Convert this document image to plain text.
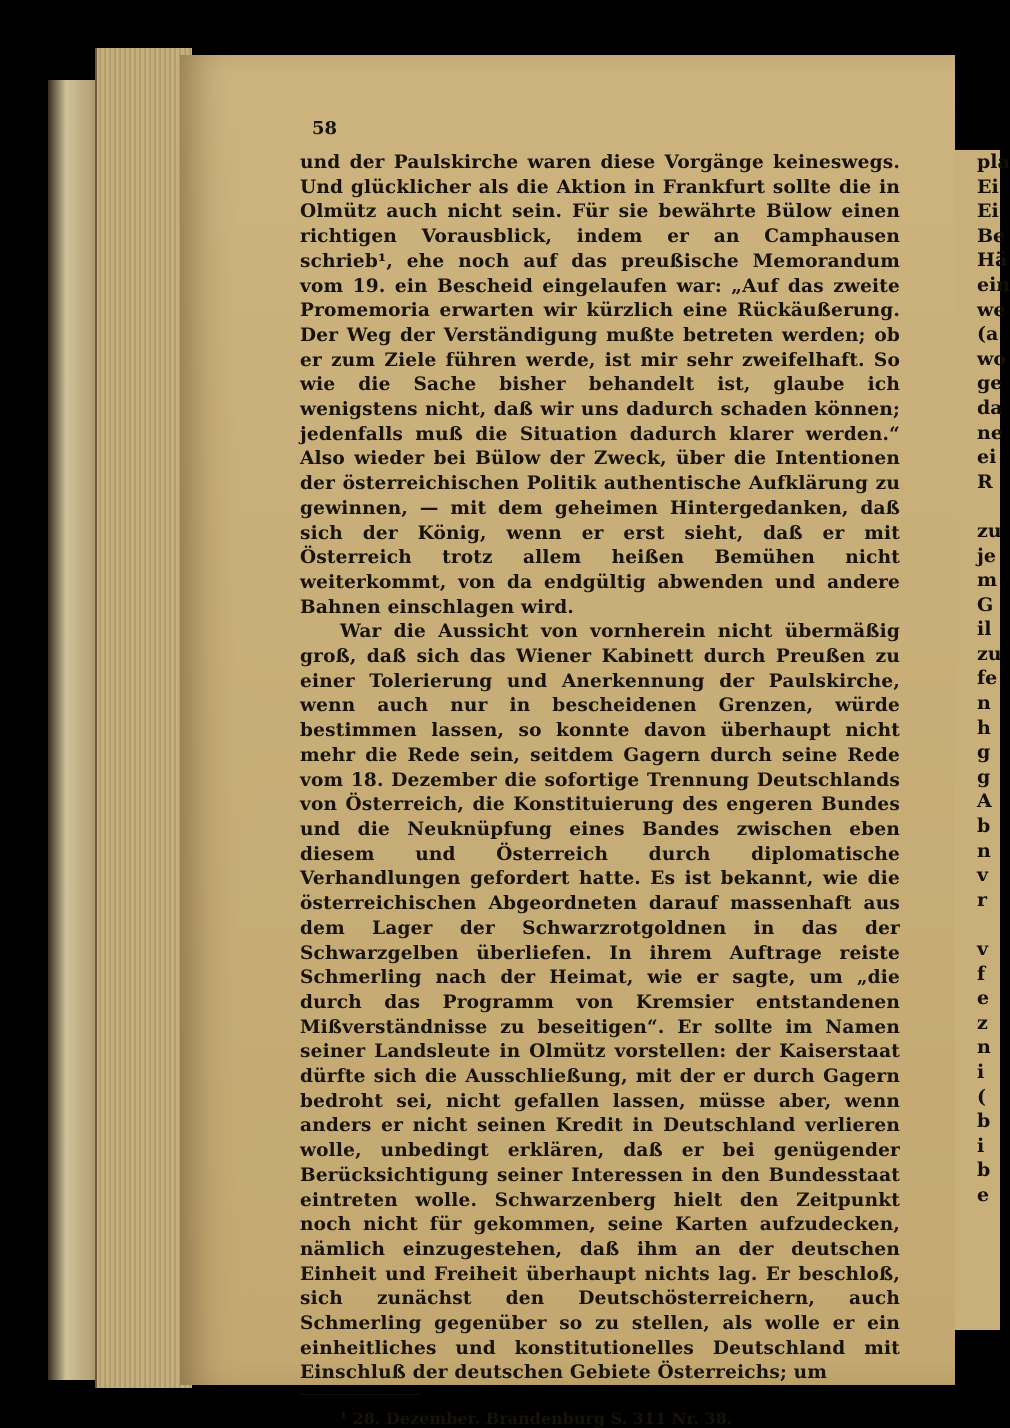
pla
Ei
Ei
Be
Hä
ein
we
(a
wo
ge
da
ne
ei
R

zu
je
m
G
il
zu
fe
n
h
g
g
A
b
n
v
r

v
f
e
z
n
i
(
b
i
b
e
58

und der Paulskirche waren diese Vorgänge keineswegs. Und glücklicher als die Aktion in Frankfurt sollte die in Olmütz auch nicht sein. Für sie bewährte Bülow einen richtigen Vorausblick, indem er an Camphausen schrieb¹, ehe noch auf das preußische Memorandum vom 19. ein Bescheid eingelaufen war: „Auf das zweite Promemoria erwarten wir kürzlich eine Rückäußerung. Der Weg der Verständigung mußte betreten werden; ob er zum Ziele führen werde, ist mir sehr zweifelhaft. So wie die Sache bisher behandelt ist, glaube ich wenigstens nicht, daß wir uns dadurch schaden können; jedenfalls muß die Situation dadurch klarer werden.“ Also wieder bei Bülow der Zweck, über die Intentionen der österreichischen Politik authentische Aufklärung zu gewinnen, — mit dem geheimen Hintergedanken, daß sich der König, wenn er erst sieht, daß er mit Österreich trotz allem heißen Bemühen nicht weiterkommt, von da endgültig abwenden und andere Bahnen einschlagen wird.

War die Aussicht von vornherein nicht übermäßig groß, daß sich das Wiener Kabinett durch Preußen zu einer Tolerierung und Anerkennung der Paulskirche, wenn auch nur in bescheidenen Grenzen, würde bestimmen lassen, so konnte davon überhaupt nicht mehr die Rede sein, seitdem Gagern durch seine Rede vom 18. Dezember die sofortige Trennung Deutschlands von Österreich, die Konstituierung des engeren Bundes und die Neuknüpfung eines Bandes zwischen eben diesem und Österreich durch diplomatische Verhandlungen gefordert hatte. Es ist bekannt, wie die österreichischen Abgeordneten darauf massenhaft aus dem Lager der Schwarzrotgoldnen in das der Schwarzgelben überliefen. In ihrem Auftrage reiste Schmerling nach der Heimat, wie er sagte, um „die durch das Programm von Kremsier entstandenen Mißverständnisse zu beseitigen“. Er sollte im Namen seiner Landsleute in Olmütz vorstellen: der Kaiserstaat dürfte sich die Ausschließung, mit der er durch Gagern bedroht sei, nicht gefallen lassen, müsse aber, wenn anders er nicht seinen Kredit in Deutschland verlieren wolle, unbedingt erklären, daß er bei genügender Berücksichtigung seiner Interessen in den Bundesstaat eintreten wolle. Schwarzenberg hielt den Zeitpunkt noch nicht für gekommen, seine Karten aufzudecken, nämlich einzugestehen, daß ihm an der deutschen Einheit und Freiheit überhaupt nichts lag. Er beschloß, sich zunächst den Deutschösterreichern, auch Schmerling gegenüber so zu stellen, als wolle er ein einheitliches und konstitutionelles Deutschland mit Einschluß der deutschen Gebiete Österreichs; um

¹ 28. Dezember. Brandenburg S. 311 Nr. 38.
